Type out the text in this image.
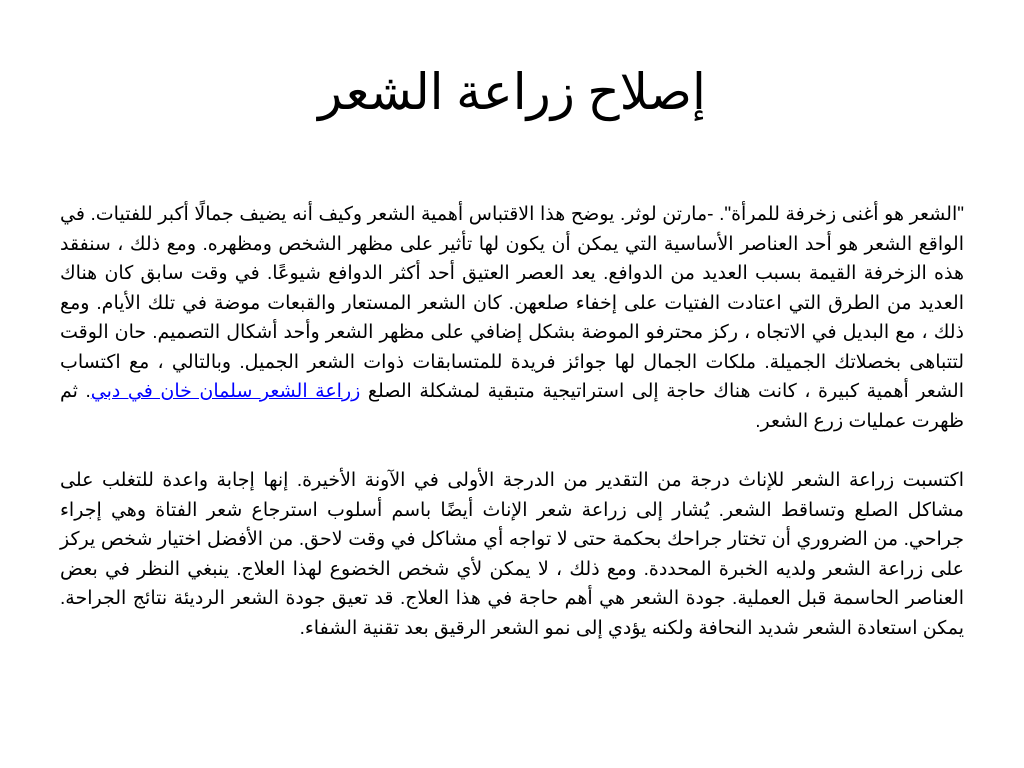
إصلاح زراعة الشعر

"الشعر هو أغنى زخرفة للمرأة". -مارتن لوثر. يوضح هذا الاقتباس أهمية الشعر وكيف أنه يضيف جمالًا أكبر للفتيات. في الواقع الشعر هو أحد العناصر الأساسية التي يمكن أن يكون لها تأثير على مظهر الشخص ومظهره. ومع ذلك ، سنفقد هذه الزخرفة القيمة بسبب العديد من الدوافع. يعد العصر العتيق أحد أكثر الدوافع شيوعًا. في وقت سابق كان هناك العديد من الطرق التي اعتادت الفتيات على إخفاء صلعهن. كان الشعر المستعار والقبعات موضة في تلك الأيام. ومع ذلك ، مع البديل في الاتجاه ، ركز محترفو الموضة بشكل إضافي على مظهر الشعر وأحد أشكال التصميم. حان الوقت لتتباهى بخصلاتك الجميلة. ملكات الجمال لها جوائز فريدة للمتسابقات ذوات الشعر الجميل. وبالتالي ، مع اكتساب الشعر أهمية كبيرة ، كانت هناك حاجة إلى استراتيجية متبقية لمشكلة الصلع زراعة الشعر سلمان خان في دبي. ثم ظهرت عمليات زرع الشعر.

اكتسبت زراعة الشعر للإناث درجة من التقدير من الدرجة الأولى في الآونة الأخيرة. إنها إجابة واعدة للتغلب على مشاكل الصلع وتساقط الشعر. يُشار إلى زراعة شعر الإناث أيضًا باسم أسلوب استرجاع شعر الفتاة وهي إجراء جراحي. من الضروري أن تختار جراحك بحكمة حتى لا تواجه أي مشاكل في وقت لاحق. من الأفضل اختيار شخص يركز على زراعة الشعر ولديه الخبرة المحددة. ومع ذلك ، لا يمكن لأي شخص الخضوع لهذا العلاج. ينبغي النظر في بعض العناصر الحاسمة قبل العملية. جودة الشعر هي أهم حاجة في هذا العلاج. قد تعيق جودة الشعر الرديئة نتائج الجراحة. يمكن استعادة الشعر شديد النحافة ولكنه يؤدي إلى نمو الشعر الرقيق بعد تقنية الشفاء.
